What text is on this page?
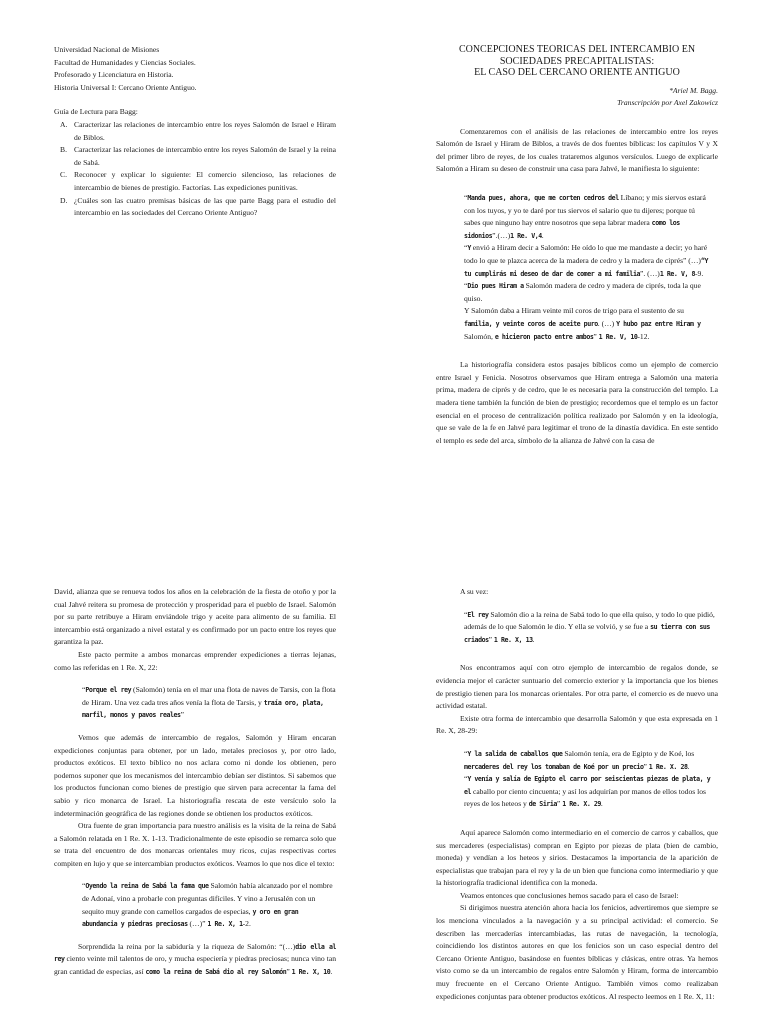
Universidad Nacional de Misiones
Facultad de Humanidades y Ciencias Sociales.
Profesorado y Licenciatura en Historia.
Historia Universal I: Cercano Oriente Antiguo.
Guía de Lectura para Bagg:
A. Caracterizar las relaciones de intercambio entre los reyes Salomón de Israel e Hiram de Biblos.
B. Caracterizar las relaciones de intercambio entre los reyes Salomón de Israel y la reina de Sabá.
C. Reconocer y explicar lo siguiente: El comercio silencioso, las relaciones de intercambio de bienes de prestigio. Factorías. Las expediciones punitivas.
D. ¿Cuáles son las cuatro premisas básicas de las que parte Bagg para el estudio del intercambio en las sociedades del Cercano Oriente Antiguo?
CONCEPCIONES TEÓRICAS DEL INTERCAMBIO EN
SOCIEDADES PRECAPITALISTAS:
EL CASO DEL CERCANO ORIENTE ANTIGUO
*Ariel M. Bagg.
Transcripción por Axel Zakowicz

Comenzaremos con el análisis de las relaciones de intercambio entre los reyes Salomón de Israel y Hiram de Biblos, a través de dos fuentes bíblicas: los capítulos V y X del primer libro de reyes, de los cuales trataremos algunos versículos. Luego de explicarle Salomón a Hiram su deseo de construir una casa para Jahvé, le manifiesta lo siguiente:

“Manda pues, ahora, que me corten cedros del Líbano; y mis siervos estará con los tuyos, y yo te daré por tus siervos el salario que tu dijeres; porque tú sabes que ninguno hay entre nosotros que sepa labrar madera como los sidonios”.(…)1 Re. V,4.

“Y envió a Hiram decir a Salomón: He oído lo que me mandaste a decir; yo haré todo lo que te plazca acerca de la madera de cedro y la madera de ciprés” (…)“Y tu cumplirás mi deseo de dar de comer a mi familia”. (…)1 Re. V, 8-9.

“Dio pues Hiram a Salomón madera de cedro y madera de ciprés, toda la que quiso.

Y Salomón daba a Hiram veinte mil coros de trigo para el sustento de su familia, y veinte coros de aceite puro. (…) Y hubo paz entre Hiram y Salomón, e hicieron pacto entre ambos” 1 Re. V, 10-12.

La historiografía considera estos pasajes bíblicos como un ejemplo de comercio entre Israel y Fenicia. Nosotros observamos que Hiram entrega a Salomón una materia prima, madera de ciprés y de cedro, que le es necesaria para la construcción del templo. La madera tiene también la función de bien de prestigio; recordemos que el templo es un factor esencial en el proceso de centralización política realizado por Salomón y en la ideología, que se vale de la fe en Jahvé para legitimar el trono de la dinastía davídica. En este sentido el templo es sede del arca, símbolo de la alianza de Jahvé con la casa de

David, alianza que se renueva todos los años en la celebración de la fiesta de otoño y por la cual Jahvé reitera su promesa de protección y prosperidad para el pueblo de Israel. Salomón por su parte retribuye a Hiram enviándole trigo y aceite para alimento de su familia. El intercambio está organizado a nivel estatal y es confirmado por un pacto entre los reyes que garantiza la paz.

Este pacto permite a ambos monarcas emprender expediciones a tierras lejanas, como las referidas en 1 Re. X, 22:

“Porque el rey (Salomón) tenía en el mar una flota de naves de Tarsis, con la flota de Hiram. Una vez cada tres años venía la flota de Tarsis, y traía oro, plata, marfil, monos y pavos reales”

Vemos que además de intercambio de regalos, Salomón y Hiram encaran expediciones conjuntas para obtener, por un lado, metales preciosos y, por otro lado, productos exóticos. El texto bíblico no nos aclara como ni donde los obtienen, pero podemos suponer que los mecanismos del intercambio debían ser distintos. Si sabemos que los productos funcionan como bienes de prestigio que sirven para acrecentar la fama del sabio y rico monarca de Israel. La historiografía rescata de este versículo solo la indeterminación geográfica de las regiones donde se obtienen los productos exóticos.

Otra fuente de gran importancia para nuestro análisis es la visita de la reina de Sabá a Salomón relatada en 1 Re. X. 1-13. Tradicionalmente de este episodio se remarca solo que se trata del encuentro de dos monarcas orientales muy ricos, cujas respectivas cortes compiten en lujo y que se intercambian productos exóticos. Veamos lo que nos dice el texto:

“Oyendo la reina de Sabá la fama que Salomón había alcanzado por el nombre de Adonaí, vino a probarle con preguntas difíciles. Y vino a Jerusalén con un sequito muy grande con camellos cargados de especias, y oro en gran abundancia y piedras preciosas (…)” 1 Re. X, 1-2.

Sorprendida la reina por la sabiduría y la riqueza de Salomón: “(…)dio ella al rey ciento veinte mil talentos de oro, y mucha especiería y piedras preciosas; nunca vino tan gran cantidad de especias, así como la reina de Sabá dio al rey Salomón” 1 Re. X, 10.

A su vez:

“El rey Salomón dio a la reina de Sabá todo lo que ella quiso, y todo lo que pidió, además de lo que Salomón le dio. Y ella se volvió, y se fue a su tierra con sus criados” 1 Re. X, 13.

Nos encontramos aquí con otro ejemplo de intercambio de regalos donde, se evidencia mejor el carácter suntuario del comercio exterior y la importancia que los bienes de prestigio tienen para los monarcas orientales. Por otra parte, el comercio es de nuevo una actividad estatal.

Existe otra forma de intercambio que desarrolla Salomón y que esta expresada en 1 Re. X, 28-29:

“Y la salida de caballos que Salomón tenía, era de Egipto y de Koé, los mercaderes del rey los tomaban de Koé por un precio” 1 Re. X. 28.

“Y venía y salía de Egipto el carro por seiscientas piezas de plata, y el caballo por ciento cincuenta; y así los adquirían por manos de ellos todos los reyes de los heteos y de Siria” 1 Re. X. 29.

Aquí aparece Salomón como intermediario en el comercio de carros y caballos, que sus mercaderes (especialistas) compran en Egipto por piezas de plata (bien de cambio, moneda) y vendían a los heteos y sirios. Destacamos la importancia de la aparición de especialistas que trabajan para el rey y la de un bien que funciona como intermediario y que la historiografía tradicional identifica con la moneda.

Veamos entonces que conclusiones hemos sacado para el caso de Israel:

Si dirigimos nuestra atención ahora hacia los fenicios, advertiremos que siempre se los menciona vinculados a la navegación y a su principal actividad: el comercio. Se describen las mercaderías intercambiadas, las rutas de navegación, la tecnología, coincidiendo los distintos autores en que los fenicios son un caso especial dentro del Cercano Oriente Antiguo, basándose en fuentes bíblicas y clásicas, entre otras. Ya hemos visto como se da un intercambio de regalos entre Salomón y Hiram, forma de intercambio muy frecuente en el Cercano Oriente Antiguo. También vimos como realizaban expediciones conjuntas para obtener productos exóticos. Al respecto leemos en 1 Re. X, 11:
